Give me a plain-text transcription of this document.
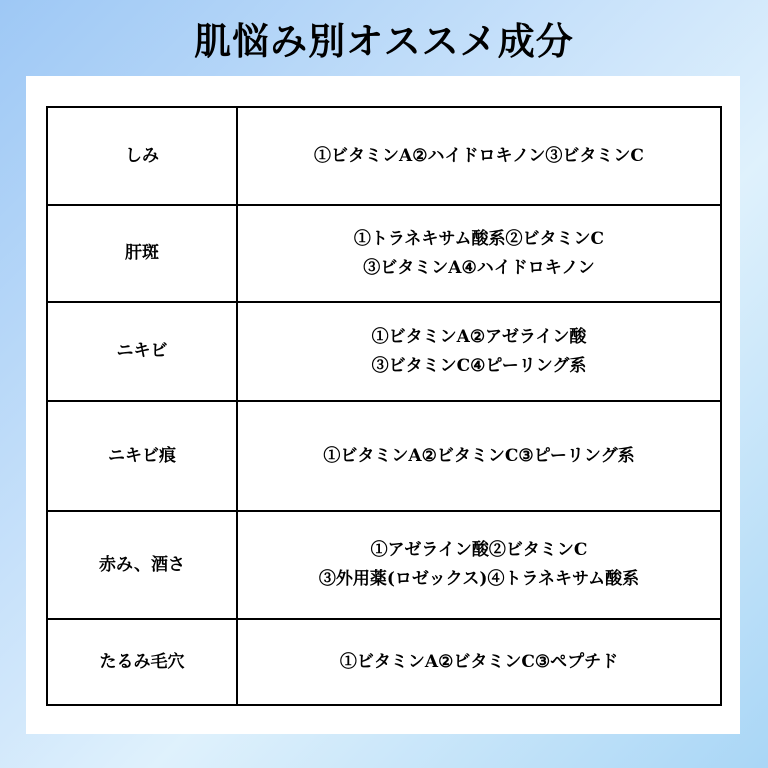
肌悩み別オススメ成分
しみ	①ビタミンA②ハイドロキノン③ビタミンC

肝斑	①トラネキサム酸系②ビタミンC
③ビタミンA④ハイドロキノン

ニキビ	①ビタミンA②アゼライン酸
③ビタミンC④ピーリング系

ニキビ痕	①ビタミンA②ビタミンC③ピーリング系

赤み、酒さ	①アゼライン酸②ビタミンC
③外用薬(ロゼックス)④トラネキサム酸系

たるみ毛穴	①ビタミンA②ビタミンC③ペプチド
